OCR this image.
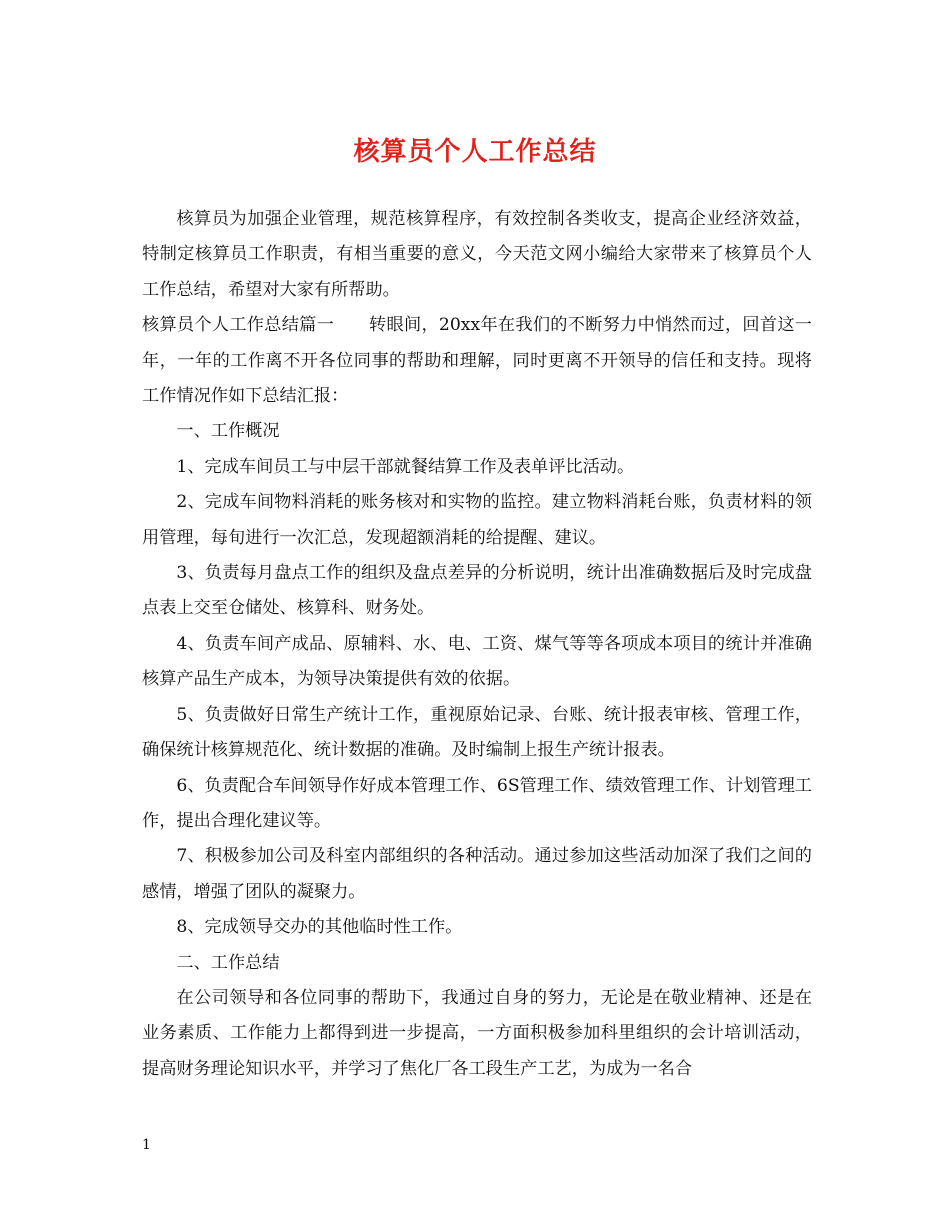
核算员个人工作总结

核算员为加强企业管理，规范核算程序，有效控制各类收支，提高企业经济效益，特制定核算员工作职责，有相当重要的意义，今天范文网小编给大家带来了核算员个人工作总结，希望对大家有所帮助。

核算员个人工作总结篇一　　转眼间，20xx年在我们的不断努力中悄然而过，回首这一年，一年的工作离不开各位同事的帮助和理解，同时更离不开领导的信任和支持。现将工作情况作如下总结汇报：

一、工作概况

1、完成车间员工与中层干部就餐结算工作及表单评比活动。

2、完成车间物料消耗的账务核对和实物的监控。建立物料消耗台账，负责材料的领用管理，每旬进行一次汇总，发现超额消耗的给提醒、建议。

3、负责每月盘点工作的组织及盘点差异的分析说明，统计出准确数据后及时完成盘点表上交至仓储处、核算科、财务处。

4、负责车间产成品、原辅料、水、电、工资、煤气等等各项成本项目的统计并准确核算产品生产成本，为领导决策提供有效的依据。

5、负责做好日常生产统计工作，重视原始记录、台账、统计报表审核、管理工作，确保统计核算规范化、统计数据的准确。及时编制上报生产统计报表。

6、负责配合车间领导作好成本管理工作、6S管理工作、绩效管理工作、计划管理工作，提出合理化建议等。

7、积极参加公司及科室内部组织的各种活动。通过参加这些活动加深了我们之间的感情，增强了团队的凝聚力。

8、完成领导交办的其他临时性工作。

二、工作总结

在公司领导和各位同事的帮助下，我通过自身的努力，无论是在敬业精神、还是在业务素质、工作能力上都得到进一步提高，一方面积极参加科里组织的会计培训活动，提高财务理论知识水平，并学习了焦化厂各工段生产工艺，为成为一名合

1
